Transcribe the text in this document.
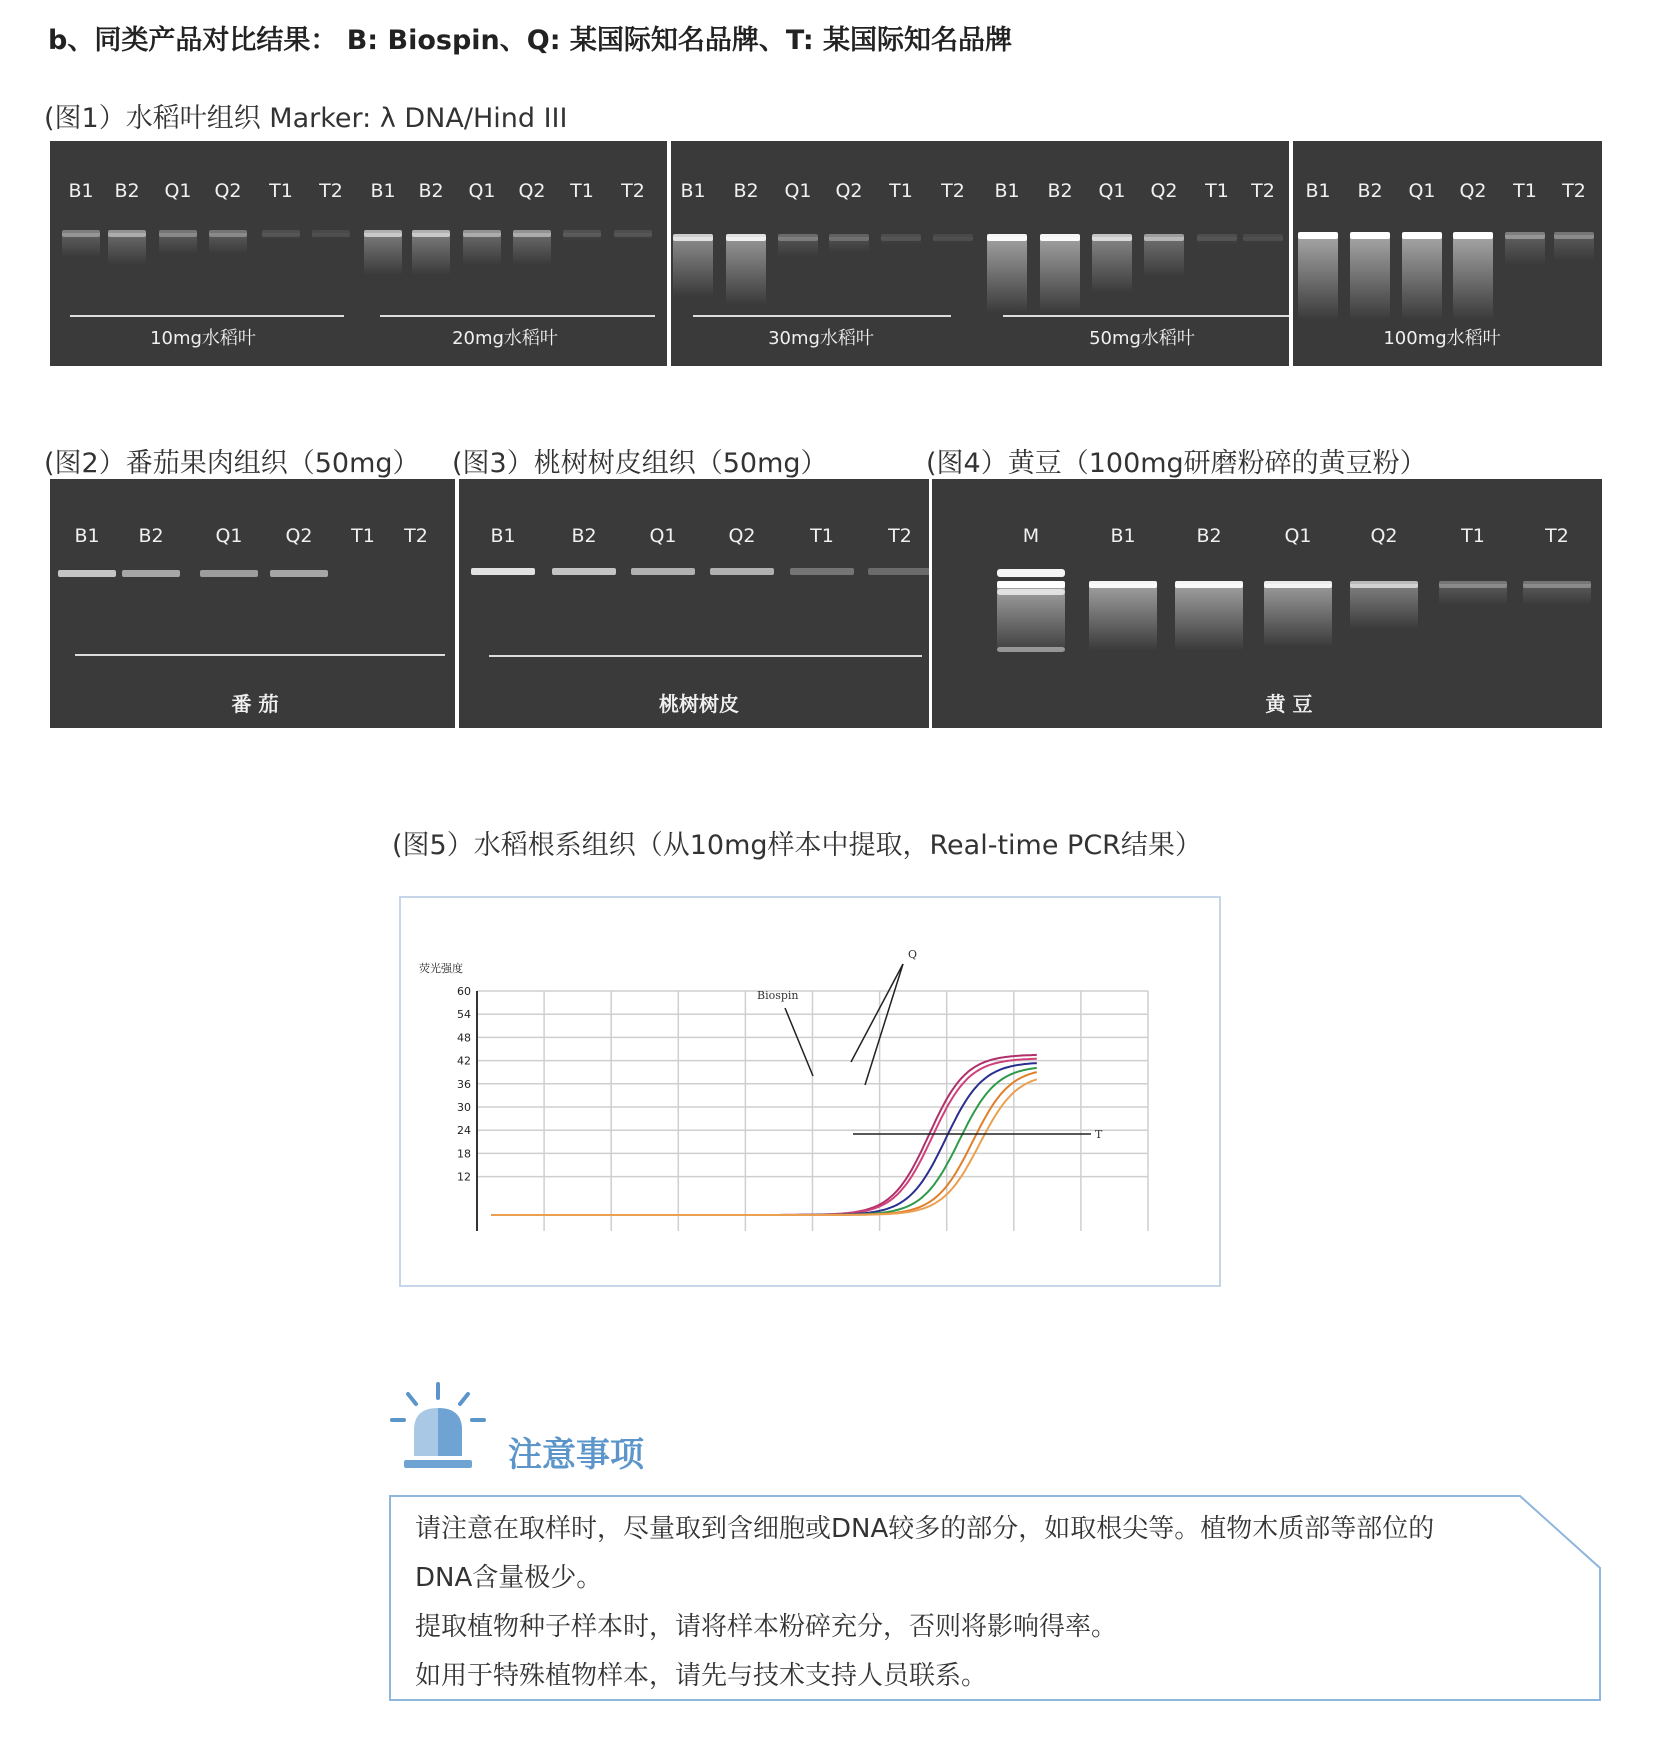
b、同类产品对比结果： B: Biospin、Q: 某国际知名品牌、T: 某国际知名品牌
(图1）水稻叶组织 Marker: λ DNA/Hind III
B1 B2 Q1 Q2 T1 T2 B1 B2 Q1 Q2 T1 T2
10mg水稻叶	20mg水稻叶
B1 B2 Q1 Q2 T1 T2 B1 B2 Q1 Q2 T1 T2
30mg水稻叶	50mg水稻叶
B1 B2 Q1 Q2 T1 T2
100mg水稻叶
(图2）番茄果肉组织（50mg） (图3）桃树树皮组织（50mg）	(图4）黄豆（100mg研磨粉碎的黄豆粉）
B1 B2	Q1 Q2 T1 T2
番 茄
B1	B2	Q1	Q2	T1	T2
桃树树皮
M	B1	B2	Q1	Q2	T1	T2
黄 豆
(图5）水稻根系组织（从10mg样本中提取，Real-time PCR结果）
12
18
24
30
36
42
48
54
60
荧光强度
Biospin
Q
T
注意事项
请注意在取样时，尽量取到含细胞或DNA较多的部分，如取根尖等。植物木质部等部位的
DNA含量极少。
提取植物种子样本时，请将样本粉碎充分，否则将影响得率。
如用于特殊植物样本，请先与技术支持人员联系。
